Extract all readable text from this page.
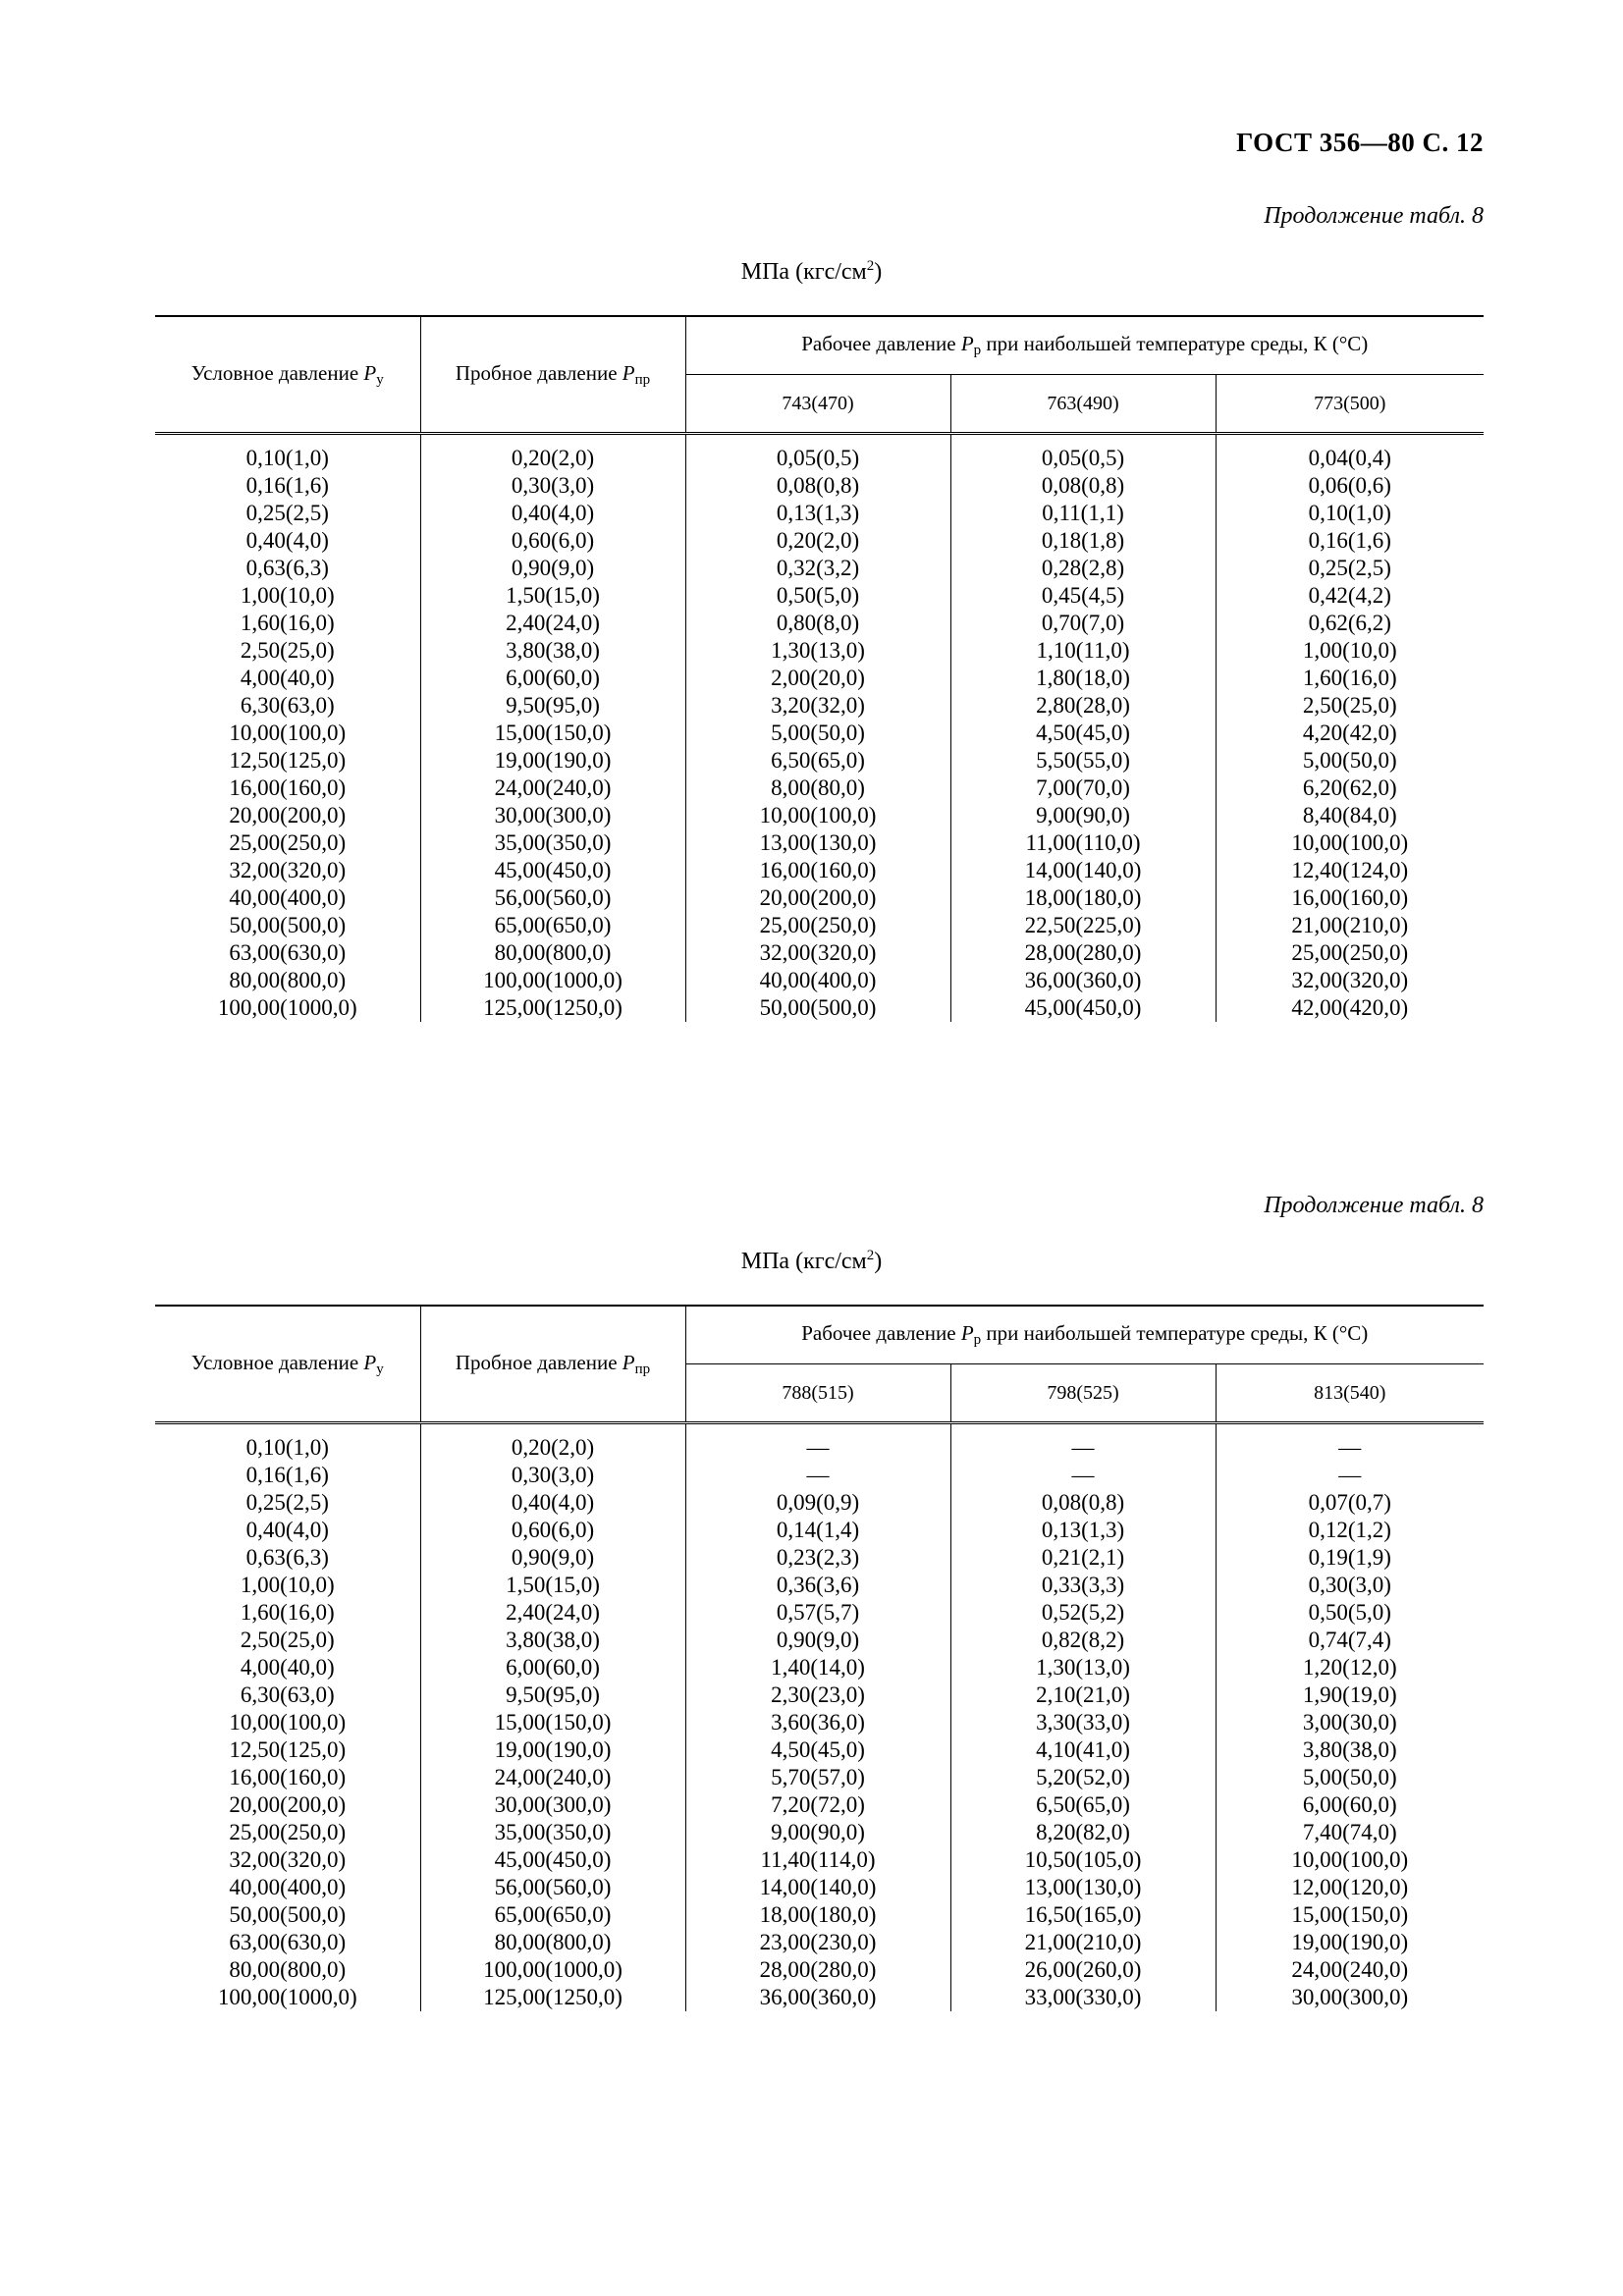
ГОСТ 356—80 С. 12
Продолжение табл. 8
МПа $(кгс/см^2)$
Условное давление $P_у$	Пробное давление $P_{пр}$	Рабочее давление $P_р$ при наибольшей температуре среды, К (°С)		
		743(470)	763(490)	773(500)
0,10(1,0)	0,20(2,0)	0,05(0,5)	0,05(0,5)	0,04(0,4)
0,16(1,6)	0,30(3,0)	0,08(0,8)	0,08(0,8)	0,06(0,6)
0,25(2,5)	0,40(4,0)	0,13(1,3)	0,11(1,1)	0,10(1,0)
0,40(4,0)	0,60(6,0)	0,20(2,0)	0,18(1,8)	0,16(1,6)
0,63(6,3)	0,90(9,0)	0,32(3,2)	0,28(2,8)	0,25(2,5)
1,00(10,0)	1,50(15,0)	0,50(5,0)	0,45(4,5)	0,42(4,2)
1,60(16,0)	2,40(24,0)	0,80(8,0)	0,70(7,0)	0,62(6,2)
2,50(25,0)	3,80(38,0)	1,30(13,0)	1,10(11,0)	1,00(10,0)
4,00(40,0)	6,00(60,0)	2,00(20,0)	1,80(18,0)	1,60(16,0)
6,30(63,0)	9,50(95,0)	3,20(32,0)	2,80(28,0)	2,50(25,0)
10,00(100,0)	15,00(150,0)	5,00(50,0)	4,50(45,0)	4,20(42,0)
12,50(125,0)	19,00(190,0)	6,50(65,0)	5,50(55,0)	5,00(50,0)
16,00(160,0)	24,00(240,0)	8,00(80,0)	7,00(70,0)	6,20(62,0)
20,00(200,0)	30,00(300,0)	10,00(100,0)	9,00(90,0)	8,40(84,0)
25,00(250,0)	35,00(350,0)	13,00(130,0)	11,00(110,0)	10,00(100,0)
32,00(320,0)	45,00(450,0)	16,00(160,0)	14,00(140,0)	12,40(124,0)
40,00(400,0)	56,00(560,0)	20,00(200,0)	18,00(180,0)	16,00(160,0)
50,00(500,0)	65,00(650,0)	25,00(250,0)	22,50(225,0)	21,00(210,0)
63,00(630,0)	80,00(800,0)	32,00(320,0)	28,00(280,0)	25,00(250,0)
80,00(800,0)	100,00(1000,0)	40,00(400,0)	36,00(360,0)	32,00(320,0)
100,00(1000,0)	125,00(1250,0)	50,00(500,0)	45,00(450,0)	42,00(420,0)
Продолжение табл. 8
МПа $(кгс/см^2)$
Условное давление $P_у$	Пробное давление $P_{пр}$	Рабочее давление $P_р$ при наибольшей температуре среды, К (°С)		
		788(515)	798(525)	813(540)
0,10(1,0)	0,20(2,0)	—	—	—
0,16(1,6)	0,30(3,0)	—	—	—
0,25(2,5)	0,40(4,0)	0,09(0,9)	0,08(0,8)	0,07(0,7)
0,40(4,0)	0,60(6,0)	0,14(1,4)	0,13(1,3)	0,12(1,2)
0,63(6,3)	0,90(9,0)	0,23(2,3)	0,21(2,1)	0,19(1,9)
1,00(10,0)	1,50(15,0)	0,36(3,6)	0,33(3,3)	0,30(3,0)
1,60(16,0)	2,40(24,0)	0,57(5,7)	0,52(5,2)	0,50(5,0)
2,50(25,0)	3,80(38,0)	0,90(9,0)	0,82(8,2)	0,74(7,4)
4,00(40,0)	6,00(60,0)	1,40(14,0)	1,30(13,0)	1,20(12,0)
6,30(63,0)	9,50(95,0)	2,30(23,0)	2,10(21,0)	1,90(19,0)
10,00(100,0)	15,00(150,0)	3,60(36,0)	3,30(33,0)	3,00(30,0)
12,50(125,0)	19,00(190,0)	4,50(45,0)	4,10(41,0)	3,80(38,0)
16,00(160,0)	24,00(240,0)	5,70(57,0)	5,20(52,0)	5,00(50,0)
20,00(200,0)	30,00(300,0)	7,20(72,0)	6,50(65,0)	6,00(60,0)
25,00(250,0)	35,00(350,0)	9,00(90,0)	8,20(82,0)	7,40(74,0)
32,00(320,0)	45,00(450,0)	11,40(114,0)	10,50(105,0)	10,00(100,0)
40,00(400,0)	56,00(560,0)	14,00(140,0)	13,00(130,0)	12,00(120,0)
50,00(500,0)	65,00(650,0)	18,00(180,0)	16,50(165,0)	15,00(150,0)
63,00(630,0)	80,00(800,0)	23,00(230,0)	21,00(210,0)	19,00(190,0)
80,00(800,0)	100,00(1000,0)	28,00(280,0)	26,00(260,0)	24,00(240,0)
100,00(1000,0)	125,00(1250,0)	36,00(360,0)	33,00(330,0)	30,00(300,0)
